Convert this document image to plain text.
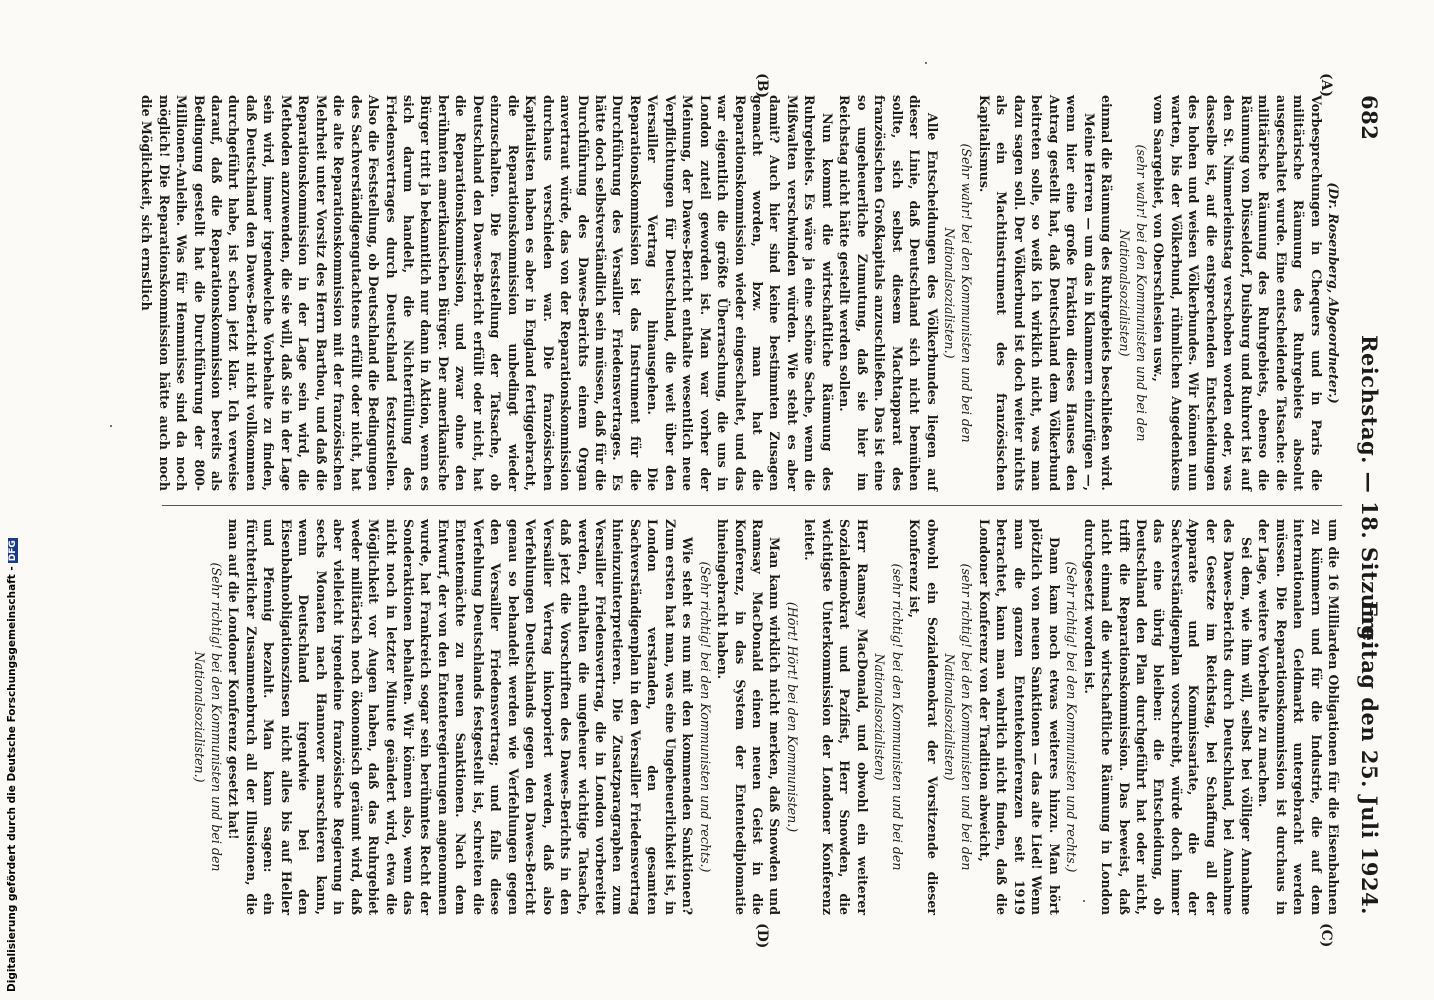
682
Reichstag. — 18. Sitzung.
Freitag den 25. Juli 1924.
(A)
(B)
(C)
(D)

(Dr. Rosenberg, Abgeordneter.)

Vorbesprechungen in Chequers und in Paris die militärische Räumung des Ruhrgebiets absolut ausgeschaltet wurde. Eine entscheidende Tatsache: die militärische Räumung des Ruhrgebiets, ebenso die Räumung von Düsseldorf, Duisburg und Ruhrort ist auf den St. Nimmerleinstag verschoben worden oder, was dasselbe ist, auf die entsprechenden Entscheidungen des hohen und weisen Völkerbundes. Wir können nun warten, bis der Völkerbund, rühmlichen Angedenkens vom Saargebiet, von Oberschlesien usw.,

(sehr wahr! bei den Kommunisten und bei den Nationalsozialisten)

einmal die Räumung des Ruhrgebiets beschließen wird.

Meine Herren — um das in Klammern einzufügen —, wenn hier eine große Fraktion dieses Hauses den Antrag gestellt hat, daß Deutschland dem Völkerbund beitreten solle, so weiß ich wirklich nicht, was man dazu sagen soll. Der Völkerbund ist doch weiter nichts als ein Machtinstrument des französischen Kapitalismus.

(Sehr wahr! bei den Kommunisten und bei den Nationalsozialisten.)

Alle Entscheidungen des Völkerbundes liegen auf dieser Linie, daß Deutschland sich nicht bemühen sollte, sich selbst diesem Machtapparat des französischen Großkapitals anzuschließen. Das ist eine so ungeheuerliche Zumutung, daß sie hier im Reichstag nicht hätte gestellt werden sollen.

Nun kommt die wirtschaftliche Räumung des Ruhrgebiets. Es wäre ja eine schöne Sache, wenn die Mißwalten verschwinden würden. Wie steht es aber damit? Auch hier sind keine bestimmten Zusagen gemacht worden, bzw. man hat die Reparationskommission wieder eingeschaltet, und das war eigentlich die größte Überraschung, die uns in London zuteil geworden ist. Man war vorher der Meinung, der Dawes-Bericht enthalte wesentlich neue Verpflichtungen für Deutschland, die weit über den Versailler Vertrag hinausgehen. Die Reparationskommission ist das Instrument für die Durchführung des Versailler Friedensvertrages. Es hätte doch selbstverständlich sein müssen, daß für die Durchführung des Dawes-Berichts einem Organ anvertraut würde, das von der Reparationskommission durchaus verschieden war. Die französischen Kapitalisten haben es aber in England fertiggebracht, die Reparationskommission unbedingt wieder einzuschalten. Die Feststellung der Tatsache, ob Deutschland den Dawes-Bericht erfüllt oder nicht, hat die Reparationskommission, und zwar ohne den berühmten amerikanischen Bürger. Der amerikanische Bürger tritt ja bekanntlich nur dann in Aktion, wenn es sich darum handelt, die Nichterfüllung des Friedensvertrages durch Deutschland festzustellen. Also die Feststellung, ob Deutschland die Bedingungen des Sachverständigengutachtens erfüllt oder nicht, hat die alte Reparationskommission mit der französischen Mehrheit unter Vorsitz des Herrn Barthou, und daß die Reparationskommission in der Lage sein wird, die Methoden anzuwenden, die sie will, daß sie in der Lage sein wird, immer irgendwelche Vorbehalte zu finden, daß Deutschland den Dawes-Bericht nicht vollkommen durchgeführt habe, ist schon jetzt klar. Ich verweise darauf, daß die Reparationskommission bereits als Bedingung gestellt hat die Durchführung der 800-Millionen-Anleihe. Was für Hemmnisse sind da noch möglich! Die Reparationskommission hätte auch noch die Möglichkeit, sich ernstlich

um die 16 Milliarden Obligationen für die Eisenbahnen zu kümmern und für die Industrie, die auf dem internationalen Geldmarkt untergebracht werden müssen. Die Reparationskommission ist durchaus in der Lage, weitere Vorbehalte zu machen.

Sei dem, wie ihm will, selbst bei völliger Annahme des Dawes-Berichts durch Deutschland, bei Annahme der Gesetze im Reichstag, bei Schaffung all der Apparate und Kommissariate, die der Sachverständigenplan vorschreibt, würde doch immer das eine übrig bleiben: die Entscheidung, ob Deutschland den Plan durchgeführt hat oder nicht, trifft die Reparationskommission. Das beweist, daß nicht einmal die wirtschaftliche Räumung in London durchgesetzt worden ist.

(Sehr richtig! bei den Kommunisten und rechts.)

Dann kam noch etwas weiteres hinzu. Man hört plötzlich von neuen Sanktionen — das alte Lied! Wenn man die ganzen Ententekonferenzen seit 1919 betrachtet, kann man wahrlich nicht finden, daß die Londoner Konferenz von der Tradition abweicht,

(sehr richtig! bei den Kommunisten und bei den Nationalsozialisten)

obwohl ein Sozialdemokrat der Vorsitzende dieser Konferenz ist,

(sehr richtig! bei den Kommunisten und bei den Nationalsozialisten)

Herr Ramsay MacDonald, und obwohl ein weiterer Sozialdemokrat und Pazifist, Herr Snowden, die wichtigste Unterkommission der Londoner Konferenz leitet.

(Hört! Hört! bei den Kommunisten.)

Man kann wirklich nicht merken, daß Snowden und Ramsay MacDonald einen neuen Geist in die Konferenz, in das System der Ententediplomatie hineingebracht haben.

(Sehr richtig! bei den Kommunisten und rechts.)

Wie steht es nun mit den kommenden Sanktionen? Zum ersten hat man, was eine Ungeheuerlichkeit ist, in London verstanden, den gesamten Sachverständigenplan in den Versailler Friedensvertrag hineinzuinterpretieren. Die Zusatzparagraphen zum Versailler Friedensvertrag, die in London vorbereitet werden, enthalten die ungeheuer wichtige Tatsache, daß jetzt die Vorschriften des Dawes-Berichts in den Versailler Vertrag inkorporiert werden, daß also Verfehlungen Deutschlands gegen den Dawes-Bericht genau so behandelt werden wie Verfehlungen gegen den Versailler Friedensvertrag; und falls diese Verfehlung Deutschlands festgestellt ist, schreiten die Ententemächte zu neuen Sanktionen. Nach dem Entwurf, der von den Ententeregierungen angenommen wurde, hat Frankreich sogar sein berühmtes Recht der Sonderaktionen behalten. Wir können also, wenn das nicht noch in letzter Minute geändert wird, etwa die Möglichkeit vor Augen haben, daß das Ruhrgebiet weder militärisch noch ökonomisch geräumt wird, daß aber vielleicht irgendeine französische Regierung in sechs Monaten nach Hannover marschieren kann, wenn Deutschland irgendwie bei den Eisenbahnobligationszinsen nicht alles bis auf Heller und Pfennig bezahlt. Man kann sagen: ein fürchterlicher Zusammenbruch all der Illusionen, die man auf die Londoner Konferenz gesetzt hat!

(Sehr richtig! bei den Kommunisten und bei den Nationalsozialisten.)

Digitalisierung gefördert durch die Deutsche Forschungsgemeinschaft -DFG
